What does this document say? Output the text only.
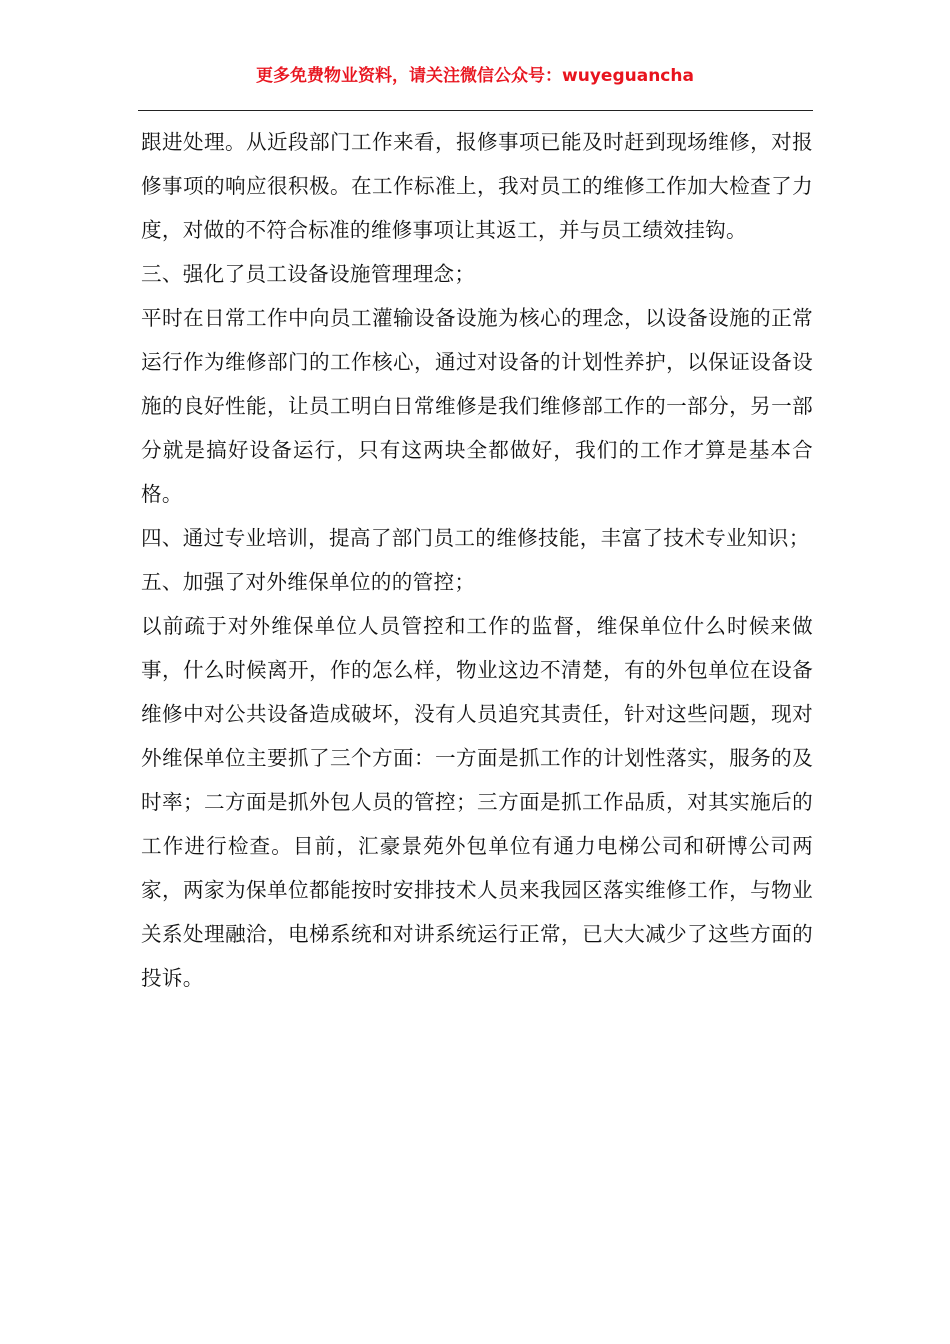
更多免费物业资料，请关注微信公众号：wuyeguancha

跟进处理。从近段部门工作来看，报修事项已能及时赶到现场维修，对报修事项的响应很积极。在工作标准上，我对员工的维修工作加大检查了力度，对做的不符合标准的维修事项让其返工，并与员工绩效挂钩。

三、强化了员工设备设施管理理念；

平时在日常工作中向员工灌输设备设施为核心的理念，以设备设施的正常运行作为维修部门的工作核心，通过对设备的计划性养护，以保证设备设施的良好性能，让员工明白日常维修是我们维修部工作的一部分，另一部分就是搞好设备运行，只有这两块全都做好，我们的工作才算是基本合格。

四、通过专业培训，提高了部门员工的维修技能，丰富了技术专业知识；

五、加强了对外维保单位的的管控；

以前疏于对外维保单位人员管控和工作的监督，维保单位什么时候来做事，什么时候离开，作的怎么样，物业这边不清楚，有的外包单位在设备维修中对公共设备造成破坏，没有人员追究其责任，针对这些问题，现对外维保单位主要抓了三个方面：一方面是抓工作的计划性落实，服务的及时率；二方面是抓外包人员的管控；三方面是抓工作品质，对其实施后的工作进行检查。目前，汇豪景苑外包单位有通力电梯公司和研博公司两家，两家为保单位都能按时安排技术人员来我园区落实维修工作，与物业关系处理融洽，电梯系统和对讲系统运行正常，已大大减少了这些方面的投诉。
